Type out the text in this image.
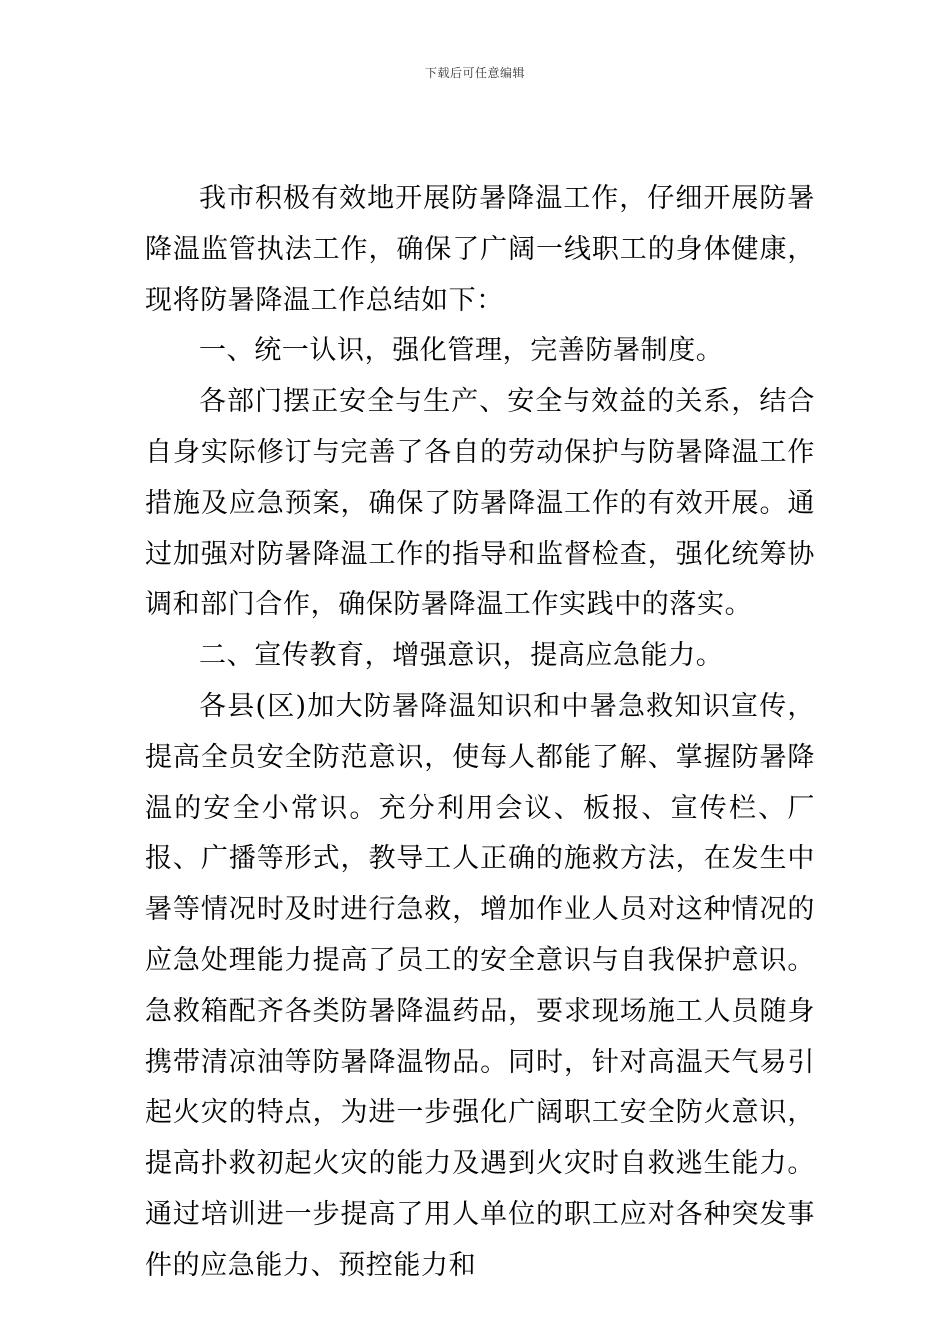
下载后可任意编辑

我市积极有效地开展防暑降温工作，仔细开展防暑降温监管执法工作，确保了广阔一线职工的身体健康，现将防暑降温工作总结如下：

一、统一认识，强化管理，完善防暑制度。

各部门摆正安全与生产、安全与效益的关系，结合自身实际修订与完善了各自的劳动保护与防暑降温工作措施及应急预案，确保了防暑降温工作的有效开展。通过加强对防暑降温工作的指导和监督检查，强化统筹协调和部门合作，确保防暑降温工作实践中的落实。

二、宣传教育，增强意识，提高应急能力。

各县(区)加大防暑降温知识和中暑急救知识宣传，提高全员安全防范意识，使每人都能了解、掌握防暑降温的安全小常识。充分利用会议、板报、宣传栏、厂报、广播等形式，教导工人正确的施救方法，在发生中暑等情况时及时进行急救，增加作业人员对这种情况的应急处理能力提高了员工的安全意识与自我保护意识。急救箱配齐各类防暑降温药品，要求现场施工人员随身携带清凉油等防暑降温物品。同时，针对高温天气易引起火灾的特点，为进一步强化广阔职工安全防火意识，提高扑救初起火灾的能力及遇到火灾时自救逃生能力。通过培训进一步提高了用人单位的职工应对各种突发事件的应急能力、预控能力和
